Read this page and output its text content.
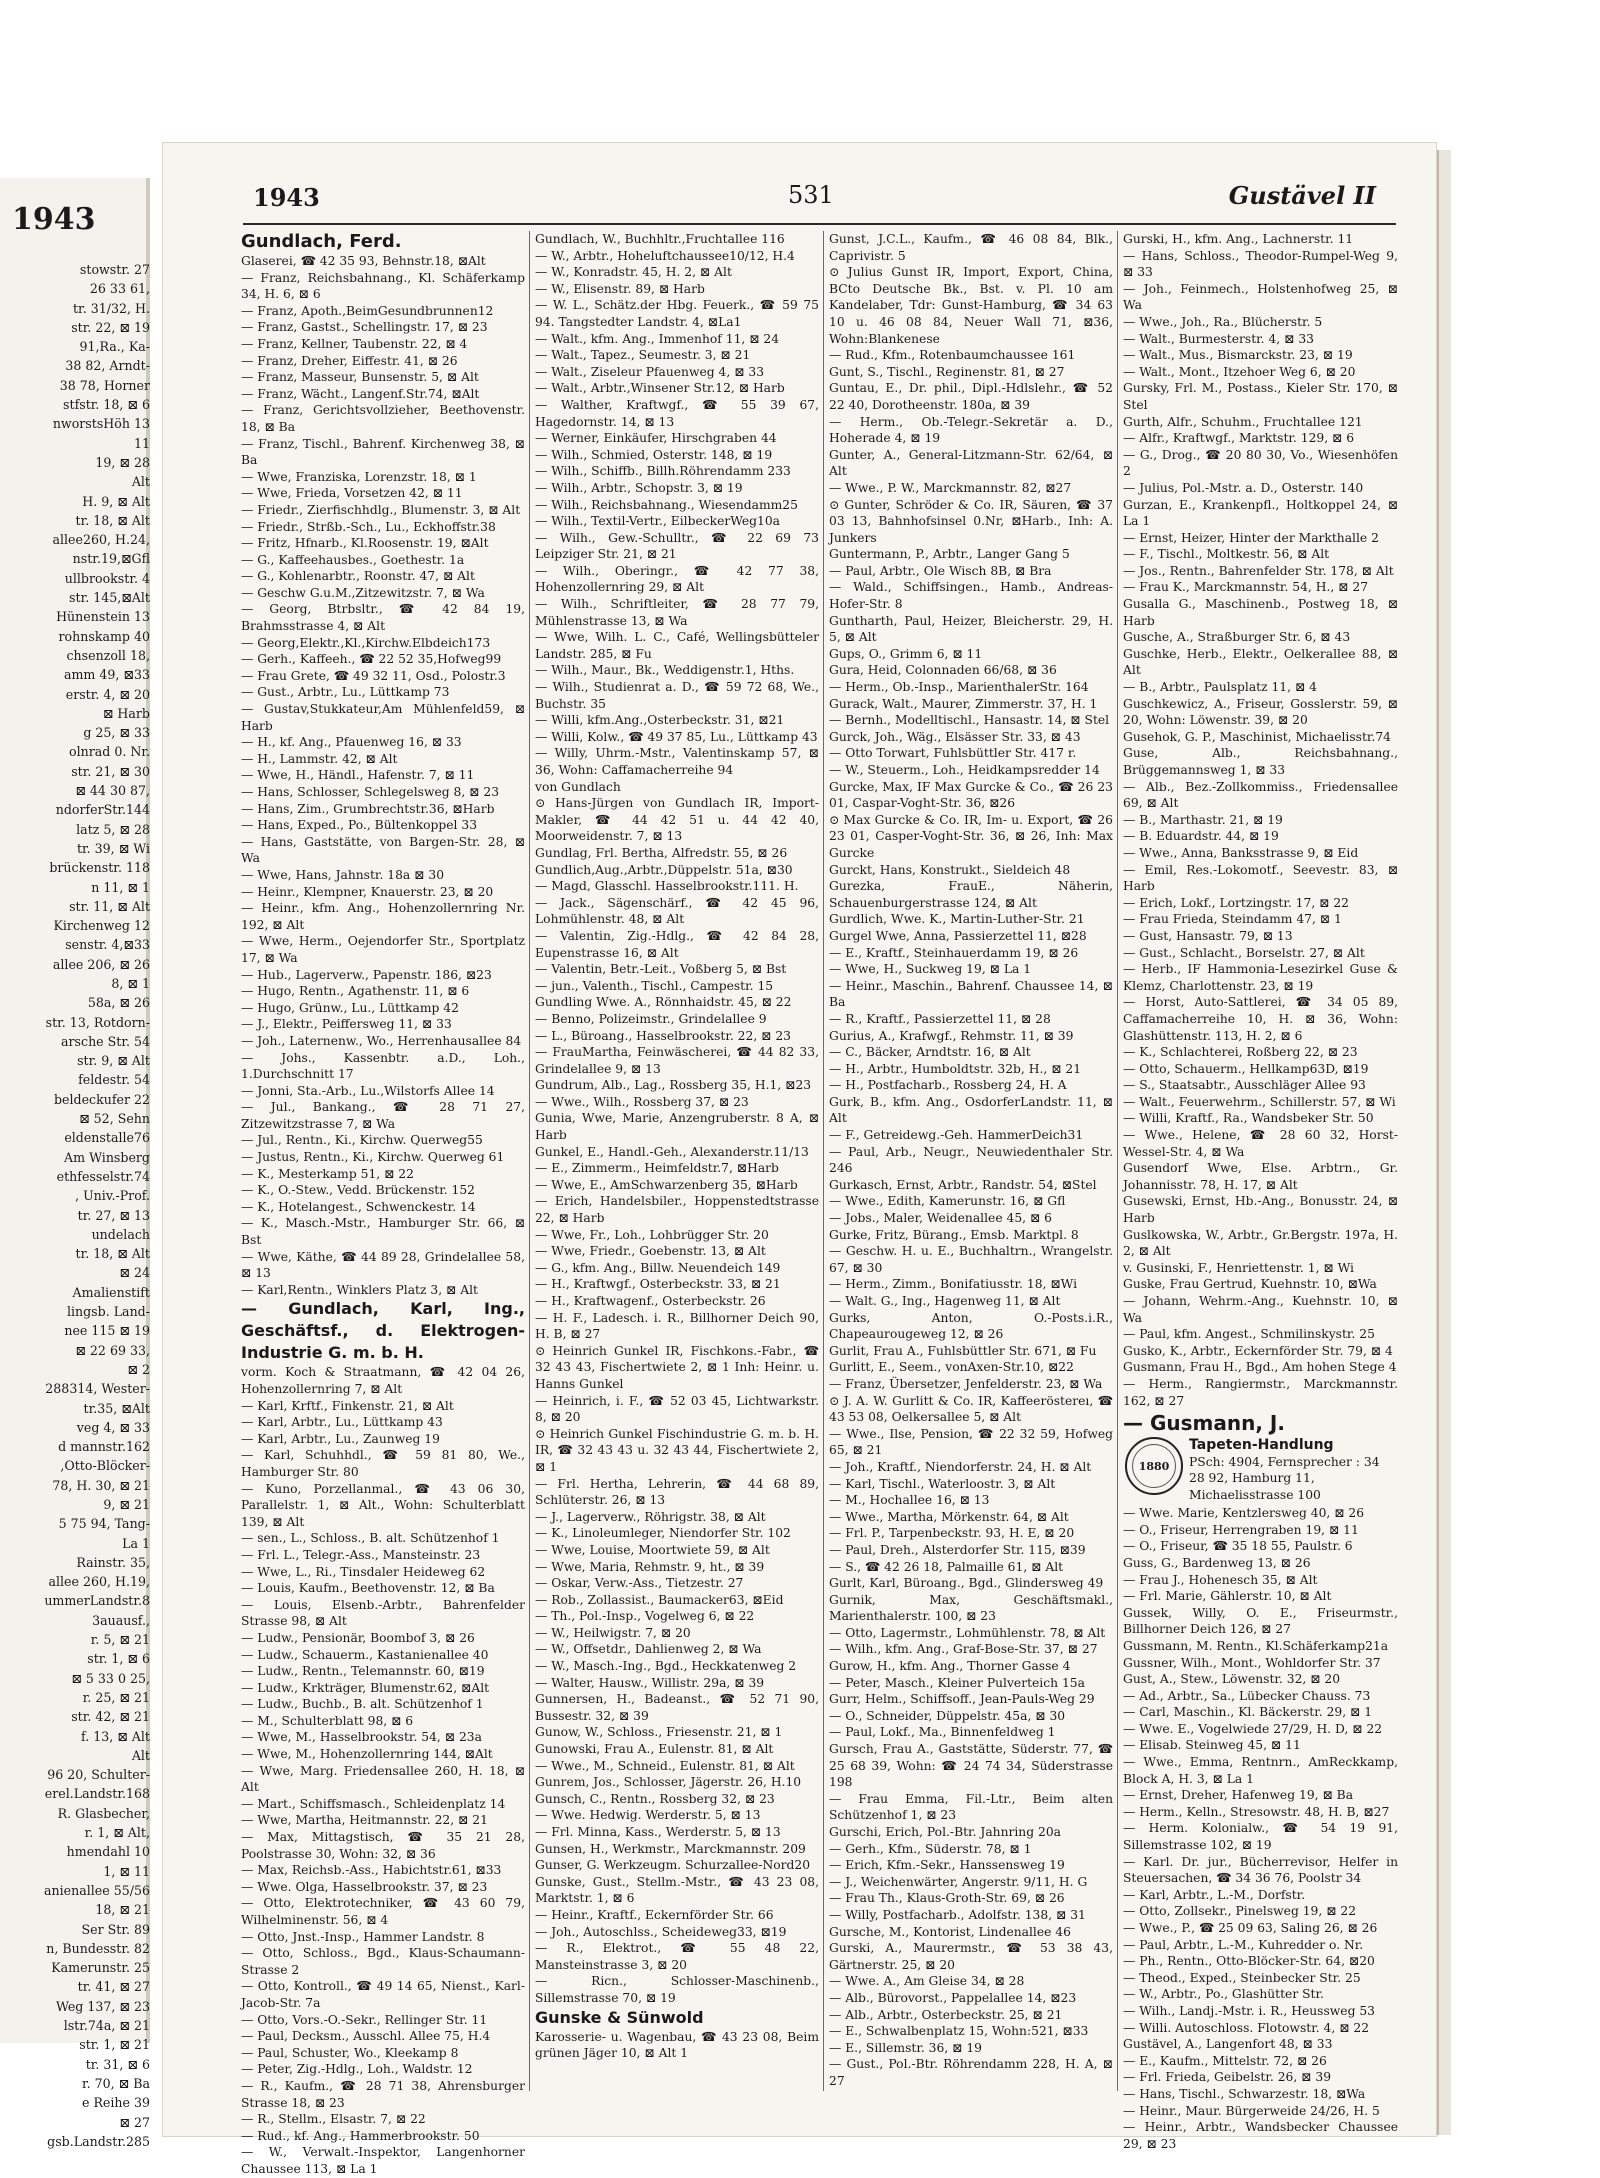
1943
stowstr. 27
26 33 61,
tr. 31/32, H.
str. 22, ⊠ 19
91,Ra., Ka-
38 82, Arndt-
38 78, Horner
stfstr. 18, ⊠ 6
nworstsHöh 13
11
19, ⊠ 28
Alt
H. 9, ⊠ Alt
tr. 18, ⊠ Alt
allee260, H.24,
nstr.19,⊠Gfl
ullbrookstr. 4
str. 145,⊠Alt
Hünenstein 13
rohnskamp 40
chsenzoll 18,
amm 49, ⊠33
erstr. 4, ⊠ 20
⊠ Harb
g 25, ⊠ 33
olnrad 0. Nr.
str. 21, ⊠ 30
⊠ 44 30 87,
ndorferStr.144
latz 5, ⊠ 28
tr. 39, ⊠ Wi
brückenstr. 118
n 11, ⊠ 1
str. 11, ⊠ Alt
Kirchenweg 12
senstr. 4,⊠33
allee 206, ⊠ 26
8, ⊠ 1
58a, ⊠ 26
str. 13, Rotdorn-
arsche Str. 54
str. 9, ⊠ Alt
feldestr. 54
beldeckufer 22
⊠ 52, Sehn
eldenstalle76
Am Winsberg
ethfesselstr.74
, Univ.-Prof.
tr. 27, ⊠ 13
undelach
tr. 18, ⊠ Alt
⊠ 24
Amalienstift
lingsb. Land-
nee 115 ⊠ 19
⊠ 22 69 33,
⊠ 2
288314, Wester-
tr.35, ⊠Alt
veg 4, ⊠ 33
d mannstr.162
,Otto-Blöcker-
78, H. 30, ⊠ 21
9, ⊠ 21
5 75 94, Tang-
La 1
Rainstr. 35,
allee 260, H.19,
ummerLandstr.8
3auausf.,
r. 5, ⊠ 21
str. 1, ⊠ 6
⊠ 5 33 0 25,
r. 25, ⊠ 21
str. 42, ⊠ 21
f. 13, ⊠ Alt
Alt
96 20, Schulter-
erel.Landstr.168
R. Glasbecher,
r. 1, ⊠ Alt,
hmendahl 10
1, ⊠ 11
anienallee 55/56
18, ⊠ 21
Ser Str. 89
n, Bundesstr. 82
Kamerunstr. 25
tr. 41, ⊠ 27
Weg 137, ⊠ 23
lstr.74a, ⊠ 21
str. 1, ⊠ 21
tr. 31, ⊠ 6
r. 70, ⊠ Ba
e Reihe 39
⊠ 27
gsb.Landstr.285
1943	531	Gustävel II
Gundlach, Ferd.
Glaserei, ☎ 42 35 93, Behnstr.18, ⊠Alt
— Franz, Reichsbahnang., Kl. Schäferkamp 34, H. 6, ⊠ 6
— Franz, Apoth.,BeimGesundbrunnen12
— Franz, Gastst., Schellingstr. 17, ⊠ 23
— Franz, Kellner, Taubenstr. 22, ⊠ 4
— Franz, Dreher, Eiffestr. 41, ⊠ 26
— Franz, Masseur, Bunsenstr. 5, ⊠ Alt
— Franz, Wächt., Langenf.Str.74, ⊠Alt
— Franz, Gerichtsvollzieher, Beethovenstr. 18, ⊠ Ba
— Franz, Tischl., Bahrenf. Kirchenweg 38, ⊠ Ba
— Wwe, Franziska, Lorenzstr. 18, ⊠ 1
— Wwe, Frieda, Vorsetzen 42, ⊠ 11
— Friedr., Zierfischhdlg., Blumenstr. 3, ⊠ Alt
— Friedr., Strßb.-Sch., Lu., Eckhoffstr.38
— Fritz, Hfnarb., Kl.Roosenstr. 19, ⊠Alt
— G., Kaffeehausbes., Goethestr. 1a
— G., Kohlenarbtr., Roonstr. 47, ⊠ Alt
— Geschw G.u.M.,Zitzewitzstr. 7, ⊠ Wa
— Georg, Btrbsltr., ☎ 42 84 19, Brahmsstrasse 4, ⊠ Alt
— Georg,Elektr.,Kl.,Kirchw.Elbdeich173
— Gerh., Kaffeeh., ☎ 22 52 35,Hofweg99
— Frau Grete, ☎ 49 32 11, Osd., Polostr.3
— Gust., Arbtr., Lu., Lüttkamp 73
— Gustav,Stukkateur,Am Mühlenfeld59, ⊠ Harb
— H., kf. Ang., Pfauenweg 16, ⊠ 33
— H., Lammstr. 42, ⊠ Alt
— Wwe, H., Händl., Hafenstr. 7, ⊠ 11
— Hans, Schlosser, Schlegelsweg 8, ⊠ 23
— Hans, Zim., Grumbrechtstr.36, ⊠Harb
— Hans, Exped., Po., Bültenkoppel 33
— Hans, Gaststätte, von Bargen-Str. 28, ⊠ Wa
— Wwe, Hans, Jahnstr. 18a ⊠ 30
— Heinr., Klempner, Knauerstr. 23, ⊠ 20
— Heinr., kfm. Ang., Hohenzollernring Nr. 192, ⊠ Alt
— Wwe, Herm., Oejendorfer Str., Sportplatz 17, ⊠ Wa
— Hub., Lagerverw., Papenstr. 186, ⊠23
— Hugo, Rentn., Agathenstr. 11, ⊠ 6
— Hugo, Grünw., Lu., Lüttkamp 42
— J., Elektr., Peiffersweg 11, ⊠ 33
— Joh., Laternenw., Wo., Herrenhausallee 84
— Johs., Kassenbtr. a.D., Loh., 1.Durchschnitt 17
— Jonni, Sta.-Arb., Lu.,Wilstorfs Allee 14
— Jul., Bankang., ☎ 28 71 27, Zitzewitzstrasse 7, ⊠ Wa
— Jul., Rentn., Ki., Kirchw. Querweg55
— Justus, Rentn., Ki., Kirchw. Querweg 61
— K., Mesterkamp 51, ⊠ 22
— K., O.-Stew., Vedd. Brückenstr. 152
— K., Hotelangest., Schwenckestr. 14
— K., Masch.-Mstr., Hamburger Str. 66, ⊠ Bst
— Wwe, Käthe, ☎ 44 89 28, Grindelallee 58, ⊠ 13
— Karl,Rentn., Winklers Platz 3, ⊠ Alt
— Gundlach, Karl, Ing., Geschäftsf., d. Elektrogen-Industrie G. m. b. H.
vorm. Koch & Straatmann, ☎ 42 04 26, Hohenzollernring 7, ⊠ Alt
— Karl, Krftf., Finkenstr. 21, ⊠ Alt
— Karl, Arbtr., Lu., Lüttkamp 43
— Karl, Arbtr., Lu., Zaunweg 19
— Karl, Schuhhdl., ☎ 59 81 80, We., Hamburger Str. 80
— Kuno, Porzellanmal., ☎ 43 06 30, Parallelstr. 1, ⊠ Alt., Wohn: Schulterblatt 139, ⊠ Alt
— sen., L., Schloss., B. alt. Schützenhof 1
— Frl. L., Telegr.-Ass., Mansteinstr. 23
— Wwe, L., Ri., Tinsdaler Heideweg 62
— Louis, Kaufm., Beethovenstr. 12, ⊠ Ba
— Louis, Elsenb.-Arbtr., Bahrenfelder Strasse 98, ⊠ Alt
— Ludw., Pensionär, Boombof 3, ⊠ 26
— Ludw., Schauerm., Kastanienallee 40
— Ludw., Rentn., Telemannstr. 60, ⊠19
— Ludw., Krkträger, Blumenstr.62, ⊠Alt
— Ludw., Buchb., B. alt. Schützenhof 1
— M., Schulterblatt 98, ⊠ 6
— Wwe, M., Hasselbrookstr. 54, ⊠ 23a
— Wwe, M., Hohenzollernring 144, ⊠Alt
— Wwe, Marg. Friedensallee 260, H. 18, ⊠ Alt
— Mart., Schiffsmasch., Schleidenplatz 14
— Wwe, Martha, Heitmannstr. 22, ⊠ 21
— Max, Mittagstisch, ☎ 35 21 28, Poolstrasse 30, Wohn: 32, ⊠ 36
— Max, Reichsb.-Ass., Habichtstr.61, ⊠33
— Wwe. Olga, Hasselbrookstr. 37, ⊠ 23
— Otto, Elektrotechniker, ☎ 43 60 79, Wilhelminenstr. 56, ⊠ 4
— Otto, Jnst.-Insp., Hammer Landstr. 8
— Otto, Schloss., Bgd., Klaus-Schaumann-Strasse 2
— Otto, Kontroll., ☎ 49 14 65, Nienst., Karl-Jacob-Str. 7a
— Otto, Vors.-O.-Sekr., Rellinger Str. 11
— Paul, Decksm., Ausschl. Allee 75, H.4
— Paul, Schuster, Wo., Kleekamp 8
— Peter, Zig.-Hdlg., Loh., Waldstr. 12
— R., Kaufm., ☎ 28 71 38, Ahrensburger Strasse 18, ⊠ 23
— R., Stellm., Elsastr. 7, ⊠ 22
— Rud., kf. Ang., Hammerbrookstr. 50
— W., Verwalt.-Inspektor, Langenhorner Chaussee 113, ⊠ La 1
Gundlach, W., Buchhltr.,Fruchtallee 116
— W., Arbtr., Hoheluftchaussee10/12, H.4
— W., Konradstr. 45, H. 2, ⊠ Alt
— W., Elisenstr. 89, ⊠ Harb
— W. L., Schätz.der Hbg. Feuerk., ☎ 59 75 94. Tangstedter Landstr. 4, ⊠La1
— Walt., kfm. Ang., Immenhof 11, ⊠ 24
— Walt., Tapez., Seumestr. 3, ⊠ 21
— Walt., Ziseleur Pfauenweg 4, ⊠ 33
— Walt., Arbtr.,Winsener Str.12, ⊠ Harb
— Walther, Kraftwgf., ☎ 55 39 67, Hagedornstr. 14, ⊠ 13
— Werner, Einkäufer, Hirschgraben 44
— Wilh., Schmied, Osterstr. 148, ⊠ 19
— Wilh., Schiffb., Billh.Röhrendamm 233
— Wilh., Arbtr., Schopstr. 3, ⊠ 19
— Wilh., Reichsbahnang., Wiesendamm25
— Wilh., Textil-Vertr., EilbeckerWeg10a
— Wilh., Gew.-Schulltr., ☎ 22 69 73 Leipziger Str. 21, ⊠ 21
— Wilh., Oberingr., ☎ 42 77 38, Hohenzollernring 29, ⊠ Alt
— Wilh., Schriftleiter, ☎ 28 77 79, Mühlenstrasse 13, ⊠ Wa
— Wwe, Wilh. L. C., Café, Wellingsbütteler Landstr. 285, ⊠ Fu
— Wilh., Maur., Bk., Weddigenstr.1, Hths.
— Wilh., Studienrat a. D., ☎ 59 72 68, We., Buchstr. 35
— Willi, kfm.Ang.,Osterbeckstr. 31, ⊠21
— Willi, Kolw., ☎ 49 37 85, Lu., Lüttkamp 43
— Willy, Uhrm.-Mstr., Valentinskamp 57, ⊠ 36, Wohn: Caffamacherreihe 94
von Gundlach
⊙ Hans-Jürgen von Gundlach IR, Import-Makler, ☎ 44 42 51 u. 44 42 40, Moorweidenstr. 7, ⊠ 13
Gundlag, Frl. Bertha, Alfredstr. 55, ⊠ 26
Gundlich,Aug.,Arbtr.,Düppelstr. 51a, ⊠30
— Magd, Glasschl. Hasselbrookstr.111. H.
— Jack., Sägenschärf., ☎ 42 45 96, Lohmühlenstr. 48, ⊠ Alt
— Valentin, Zig.-Hdlg., ☎ 42 84 28, Eupenstrasse 16, ⊠ Alt
— Valentin, Betr.-Leit., Voßberg 5, ⊠ Bst
— jun., Valenth., Tischl., Campestr. 15
Gundling Wwe. A., Rönnhaidstr. 45, ⊠ 22
— Benno, Polizeimstr., Grindelallee 9
— L., Büroang., Hasselbrookstr. 22, ⊠ 23
— FrauMartha, Feinwäscherei, ☎ 44 82 33, Grindelallee 9, ⊠ 13
Gundrum, Alb., Lag., Rossberg 35, H.1, ⊠23
— Wwe., Wilh., Rossberg 37, ⊠ 23
Gunia, Wwe, Marie, Anzengruberstr. 8 A, ⊠ Harb
Gunkel, E., Handl.-Geh., Alexanderstr.11/13
— E., Zimmerm., Heimfeldstr.7, ⊠Harb
— Wwe, E., AmSchwarzenberg 35, ⊠Harb
— Erich, Handelsbiler., Hoppenstedtstrasse 22, ⊠ Harb
— Wwe, Fr., Loh., Lohbrügger Str. 20
— Wwe, Friedr., Goebenstr. 13, ⊠ Alt
— G., kfm. Ang., Billw. Neuendeich 149
— H., Kraftwgf., Osterbeckstr. 33, ⊠ 21
— H., Kraftwagenf., Osterbeckstr. 26
— H. F., Ladesch. i. R., Billhorner Deich 90, H. B, ⊠ 27
⊙ Heinrich Gunkel IR, Fischkons.-Fabr., ☎ 32 43 43, Fischertwiete 2, ⊠ 1 Inh: Heinr. u. Hanns Gunkel
— Heinrich, i. F., ☎ 52 03 45, Lichtwarkstr. 8, ⊠ 20
⊙ Heinrich Gunkel Fischindustrie G. m. b. H. IR, ☎ 32 43 43 u. 32 43 44, Fischertwiete 2, ⊠ 1
— Frl. Hertha, Lehrerin, ☎ 44 68 89, Schlüterstr. 26, ⊠ 13
— J., Lagerverw., Röhrigstr. 38, ⊠ Alt
— K., Linoleumleger, Niendorfer Str. 102
— Wwe, Louise, Moortwiete 59, ⊠ Alt
— Wwe, Maria, Rehmstr. 9, ht., ⊠ 39
— Oskar, Verw.-Ass., Tietzestr. 27
— Rob., Zollassist., Baumacker63, ⊠Eid
— Th., Pol.-Insp., Vogelweg 6, ⊠ 22
— W., Heilwigstr. 7, ⊠ 20
— W., Offsetdr., Dahlienweg 2, ⊠ Wa
— W., Masch.-Ing., Bgd., Heckkatenweg 2
— Walter, Hausw., Willistr. 29a, ⊠ 39
Gunnersen, H., Badeanst., ☎ 52 71 90, Bussestr. 32, ⊠ 39
Gunow, W., Schloss., Friesenstr. 21, ⊠ 1
Gunowski, Frau A., Eulenstr. 81, ⊠ Alt
— Wwe., M., Schneid., Eulenstr. 81, ⊠ Alt
Gunrem, Jos., Schlosser, Jägerstr. 26, H.10
Gunsch, C., Rentn., Rossberg 32, ⊠ 23
— Wwe. Hedwig. Werderstr. 5, ⊠ 13
— Frl. Minna, Kass., Werderstr. 5, ⊠ 13
Gunsen, H., Werkmstr., Marckmannstr. 209
Gunser, G. Werkzeugm. Schurzallee-Nord20
Gunske, Gust., Stellm.-Mstr., ☎ 43 23 08, Marktstr. 1, ⊠ 6
— Heinr., Kraftf., Eckernförder Str. 66
— Joh., Autoschlss., Scheideweg33, ⊠19
— R., Elektrot., ☎ 55 48 22, Mansteinstrasse 3, ⊠ 20
— Ricn., Schlosser-Maschinenb., Sillemstrasse 70, ⊠ 19
Gunske & Sünwold
Karosserie- u. Wagenbau, ☎ 43 23 08, Beim grünen Jäger 10, ⊠ Alt 1
Gunst, J.C.L., Kaufm., ☎ 46 08 84, Blk., Caprivistr. 5
⊙ Julius Gunst IR, Import, Export, China, BCto Deutsche Bk., Bst. v. Pl. 10 am Kandelaber, Tdr: Gunst-Hamburg, ☎ 34 63 10 u. 46 08 84, Neuer Wall 71, ⊠36, Wohn:Blankenese
— Rud., Kfm., Rotenbaumchaussee 161
Gunt, S., Tischl., Reginenstr. 81, ⊠ 27
Guntau, E., Dr. phil., Dipl.-Hdlslehr., ☎ 52 22 40, Dorotheenstr. 180a, ⊠ 39
— Herm., Ob.-Telegr.-Sekretär a. D., Hoherade 4, ⊠ 19
Gunter, A., General-Litzmann-Str. 62/64, ⊠ Alt
— Wwe., P. W., Marckmannstr. 82, ⊠27
⊙ Gunter, Schröder & Co. IR, Säuren, ☎ 37 03 13, Bahnhofsinsel 0.Nr, ⊠Harb., Inh: A. Junkers
Guntermann, P., Arbtr., Langer Gang 5
— Paul, Arbtr., Ole Wisch 8B, ⊠ Bra
— Wald., Schiffsingen., Hamb., Andreas-Hofer-Str. 8
Guntharth, Paul, Heizer, Bleicherstr. 29, H. 5, ⊠ Alt
Gups, O., Grimm 6, ⊠ 11
Gura, Heid, Colonnaden 66/68, ⊠ 36
— Herm., Ob.-Insp., MarienthalerStr. 164
Gurack, Walt., Maurer, Zimmerstr. 37, H. 1
— Bernh., Modelltischl., Hansastr. 14, ⊠ Stel
Gurck, Joh., Wäg., Elsässer Str. 33, ⊠ 43
— Otto Torwart, Fuhlsbüttler Str. 417 r.
— W., Steuerm., Loh., Heidkampsredder 14
Gurcke, Max, IF Max Gurcke & Co., ☎ 26 23 01, Caspar-Voght-Str. 36, ⊠26
⊙ Max Gurcke & Co. IR, Im- u. Export, ☎ 26 23 01, Casper-Voght-Str. 36, ⊠ 26, Inh: Max Gurcke
Gurckt, Hans, Konstrukt., Sieldeich 48
Gurezka, FrauE., Näherin, Schauenburgerstrasse 124, ⊠ Alt
Gurdlich, Wwe. K., Martin-Luther-Str. 21
Gurgel Wwe, Anna, Passierzettel 11, ⊠28
— E., Kraftf., Steinhauerdamm 19, ⊠ 26
— Wwe, H., Suckweg 19, ⊠ La 1
— Heinr., Maschin., Bahrenf. Chaussee 14, ⊠ Ba
— R., Kraftf., Passierzettel 11, ⊠ 28
Gurius, A., Krafwgf., Rehmstr. 11, ⊠ 39
— C., Bäcker, Arndtstr. 16, ⊠ Alt
— H., Arbtr., Humboldtstr. 32b, H., ⊠ 21
— H., Postfacharb., Rossberg 24, H. A
Gurk, B., kfm. Ang., OsdorferLandstr. 11, ⊠ Alt
— F., Getreidewg.-Geh. HammerDeich31
— Paul, Arb., Neugr., Neuwiedenthaler Str. 246
Gurkasch, Ernst, Arbtr., Randstr. 54, ⊠Stel
— Wwe., Edith, Kamerunstr. 16, ⊠ Gfl
— Jobs., Maler, Weidenallee 45, ⊠ 6
Gurke, Fritz, Bürang., Emsb. Marktpl. 8
— Geschw. H. u. E., Buchhaltrn., Wrangelstr. 67, ⊠ 30
— Herm., Zimm., Bonifatiusstr. 18, ⊠Wi
— Walt. G., Ing., Hagenweg 11, ⊠ Alt
Gurks, Anton, O.-Posts.i.R., Chapeaurougeweg 12, ⊠ 26
Gurlit, Frau A., Fuhlsbüttler Str. 671, ⊠ Fu
Gurlitt, E., Seem., vonAxen-Str.10, ⊠22
— Franz, Übersetzer, Jenfelderstr. 23, ⊠ Wa
⊙ J. A. W. Gurlitt & Co. IR, Kaffeeröstereı, ☎ 43 53 08, Oelkersallee 5, ⊠ Alt
— Wwe., Ilse, Pension, ☎ 22 32 59, Hofweg 65, ⊠ 21
— Joh., Kraftf., Niendorferstr. 24, H. ⊠ Alt
— Karl, Tischl., Waterloostr. 3, ⊠ Alt
— M., Hochallee 16, ⊠ 13
— Wwe., Martha, Mörkenstr. 64, ⊠ Alt
— Frl. P., Tarpenbeckstr. 93, H. E, ⊠ 20
— Paul, Dreh., Alsterdorfer Str. 115, ⊠39
— S., ☎ 42 26 18, Palmaille 61, ⊠ Alt
Gurlt, Karl, Büroang., Bgd., Glindersweg 49
Gurnik, Max, Geschäftsmakl., Marienthalerstr. 100, ⊠ 23
— Otto, Lagermstr., Lohmühlenstr. 78, ⊠ Alt
— Wilh., kfm. Ang., Graf-Bose-Str. 37, ⊠ 27
Gurow, H., kfm. Ang., Thorner Gasse 4
— Peter, Masch., Kleiner Pulverteich 15a
Gurr, Helm., Schiffsoff., Jean-Pauls-Weg 29
— O., Schneider, Düppelstr. 45a, ⊠ 30
— Paul, Lokf., Ma., Binnenfeldweg 1
Gursch, Frau A., Gaststätte, Süderstr. 77, ☎ 25 68 39, Wohn: ☎ 24 74 34, Süderstrasse 198
— Frau Emma, Fil.-Ltr., Beim alten Schützenhof 1, ⊠ 23
Gurschi, Erich, Pol.-Btr. Jahnring 20a
— Gerh., Kfm., Süderstr. 78, ⊠ 1
— Erich, Kfm.-Sekr., Hanssensweg 19
— J., Weichenwärter, Angerstr. 9/11, H. G
— Frau Th., Klaus-Groth-Str. 69, ⊠ 26
— Willy, Postfacharb., Adolfstr. 138, ⊠ 31
Gursche, M., Kontorist, Lindenallee 46
Gurski, A., Maurermstr., ☎ 53 38 43, Gärtnerstr. 25, ⊠ 20
— Wwe. A., Am Gleise 34, ⊠ 28
— Alb., Bürovorst., Pappelallee 14, ⊠23
— Alb., Arbtr., Osterbeckstr. 25, ⊠ 21
— E., Schwalbenplatz 15, Wohn:521, ⊠33
— E., Sillemstr. 36, ⊠ 19
— Gust., Pol.-Btr. Röhrendamm 228, H. A, ⊠ 27
Gurski, H., kfm. Ang., Lachnerstr. 11
— Hans, Schloss., Theodor-Rumpel-Weg 9, ⊠ 33
— Joh., Feinmech., Holstenhofweg 25, ⊠ Wa
— Wwe., Joh., Ra., Blücherstr. 5
— Walt., Burmesterstr. 4, ⊠ 33
— Walt., Mus., Bismarckstr. 23, ⊠ 19
— Walt., Mont., Itzehoer Weg 6, ⊠ 20
Gursky, Frl. M., Postass., Kieler Str. 170, ⊠ Stel
Gurth, Alfr., Schuhm., Fruchtallee 121
— Alfr., Kraftwgf., Marktstr. 129, ⊠ 6
— G., Drog., ☎ 20 80 30, Vo., Wiesenhöfen 2
— Julius, Pol.-Mstr. a. D., Osterstr. 140
Gurzan, E., Krankenpfl., Holtkoppel 24, ⊠ La 1
— Ernst, Heizer, Hinter der Markthalle 2
— F., Tischl., Moltkestr. 56, ⊠ Alt
— Jos., Rentn., Bahrenfelder Str. 178, ⊠ Alt
— Frau K., Marckmannstr. 54, H., ⊠ 27
Gusalla G., Maschinenb., Postweg 18, ⊠ Harb
Gusche, A., Straßburger Str. 6, ⊠ 43
Guschke, Herb., Elektr., Oelkerallee 88, ⊠ Alt
— B., Arbtr., Paulsplatz 11, ⊠ 4
Guschkewicz, A., Friseur, Gosslerstr. 59, ⊠ 20, Wohn: Löwenstr. 39, ⊠ 20
Gusehok, G. P., Maschinist, Michaelisstr.74
Guse, Alb., Reichsbahnang., Brüggemannsweg 1, ⊠ 33
— Alb., Bez.-Zollkommiss., Friedensallee 69, ⊠ Alt
— B., Marthastr. 21, ⊠ 19
— B. Eduardstr. 44, ⊠ 19
— Wwe., Anna, Banksstrasse 9, ⊠ Eid
— Emil, Res.-Lokomotf., Seevestr. 83, ⊠ Harb
— Erich, Lokf., Lortzingstr. 17, ⊠ 22
— Frau Frieda, Steindamm 47, ⊠ 1
— Gust, Hansastr. 79, ⊠ 13
— Gust., Schlacht., Borselstr. 27, ⊠ Alt
— Herb., IF Hammonia-Lesezirkel Guse & Klemz, Charlottenstr. 23, ⊠ 19
— Horst, Auto-Sattlerei, ☎ 34 05 89, Caffamacherreihe 10, H. ⊠ 36, Wohn: Glashüttenstr. 113, H. 2, ⊠ 6
— K., Schlachterei, Roßberg 22, ⊠ 23
— Otto, Schauerm., Hellkamp63D, ⊠19
— S., Staatsabtr., Ausschläger Allee 93
— Walt., Feuerwehrm., Schillerstr. 57, ⊠ Wi
— Willi, Kraftf., Ra., Wandsbeker Str. 50
— Wwe., Helene, ☎ 28 60 32, Horst-Wessel-Str. 4, ⊠ Wa
Gusendorf Wwe, Else. Arbtrn., Gr. Johannisstr. 78, H. 17, ⊠ Alt
Gusewski, Ernst, Hb.-Ang., Bonusstr. 24, ⊠ Harb
Guslkowska, W., Arbtr., Gr.Bergstr. 197a, H. 2, ⊠ Alt
v. Gusinski, F., Henriettenstr. 1, ⊠ Wi
Guske, Frau Gertrud, Kuehnstr. 10, ⊠Wa
— Johann, Wehrm.-Ang., Kuehnstr. 10, ⊠ Wa
— Paul, kfm. Angest., Schmilinskystr. 25
Gusko, K., Arbtr., Eckernförder Str. 79, ⊠ 4
Gusmann, Frau H., Bgd., Am hohen Stege 4
— Herm., Rangiermstr., Marckmannstr. 162, ⊠ 27
— Gusmann, J.
1880
Tapeten-Handlung
PSch: 4904, Fernsprecher : 34 28 92, Hamburg 11, Michaelisstrasse 100
— Wwe. Marie, Kentzlersweg 40, ⊠ 26
— O., Friseur, Herrengraben 19, ⊠ 11
— O., Friseur, ☎ 35 18 55, Paulstr. 6
Guss, G., Bardenweg 13, ⊠ 26
— Frau J., Hohenesch 35, ⊠ Alt
— Frl. Marie, Gählerstr. 10, ⊠ Alt
Gussek, Willy, O. E., Friseurmstr., Billhorner Deich 126, ⊠ 27
Gussmann, M. Rentn., Kl.Schäferkamp21a
Gussner, Wilh., Mont., Wohldorfer Str. 37
Gust, A., Stew., Löwenstr. 32, ⊠ 20
— Ad., Arbtr., Sa., Lübecker Chauss. 73
— Carl, Maschin., Kl. Bäckerstr. 29, ⊠ 1
— Wwe. E., Vogelwiede 27/29, H. D, ⊠ 22
— Elisab. Steinweg 45, ⊠ 11
— Wwe., Emma, Rentnrn., AmReckkamp, Block A, H. 3, ⊠ La 1
— Ernst, Dreher, Hafenweg 19, ⊠ Ba
— Herm., Kelln., Stresowstr. 48, H. B, ⊠27
— Herm. Kolonialw., ☎ 54 19 91, Sillemstrasse 102, ⊠ 19
— Karl. Dr. jur., Bücherrevisor, Helfer in Steuersachen, ☎ 34 36 76, Poolstr 34
— Karl, Arbtr., L.-M., Dorfstr.
— Otto, Zollsekr., Pinelsweg 19, ⊠ 22
— Wwe., P., ☎ 25 09 63, Saling 26, ⊠ 26
— Paul, Arbtr., L.-M., Kuhredder o. Nr.
— Ph., Rentn., Otto-Blöcker-Str. 64, ⊠20
— Theod., Exped., Steinbecker Str. 25
— W., Arbtr., Po., Glashütter Str.
— Wilh., Landj.-Mstr. i. R., Heussweg 53
— Willi. Autoschloss. Flotowstr. 4, ⊠ 22
Gustävel, A., Langenfort 48, ⊠ 33
— E., Kaufm., Mittelstr. 72, ⊠ 26
— Frl. Frieda, Geibelstr. 26, ⊠ 39
— Hans, Tischl., Schwarzestr. 18, ⊠Wa
— Heinr., Maur. Bürgerweide 24/26, H. 5
— Heinr., Arbtr., Wandsbecker Chaussee 29, ⊠ 23
